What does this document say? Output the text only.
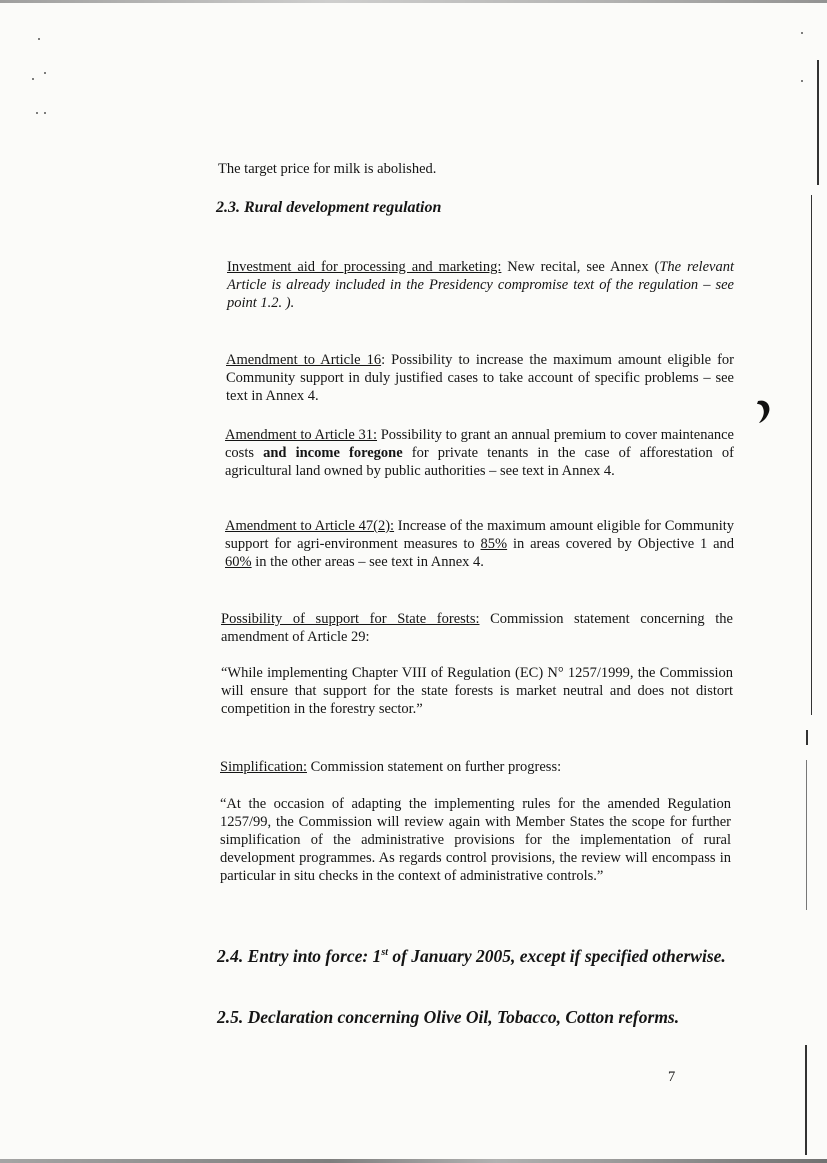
The target price for milk is abolished.

2.3. Rural development regulation

Investment aid for processing and marketing: New recital, see Annex (The relevant Article is already included in the Presidency compromise text of the regulation – see point 1.2. ).

Amendment to Article 16: Possibility to increase the maximum amount eligible for Community support in duly justified cases to take account of specific problems – see text in Annex 4.

Amendment to Article 31: Possibility to grant an annual premium to cover maintenance costs and income foregone for private tenants in the case of afforestation of agricultural land owned by public authorities – see text in Annex 4.

Amendment to Article 47(2): Increase of the maximum amount eligible for Community support for agri-environment measures to 85% in areas covered by Objective 1 and 60% in the other areas – see text in Annex 4.

Possibility of support for State forests: Commission statement concerning the amendment of Article 29:

“While implementing Chapter VIII of Regulation (EC) N° 1257/1999, the Commission will ensure that support for the state forests is market neutral and does not distort competition in the forestry sector.”

Simplification: Commission statement on further progress:

“At the occasion of adapting the implementing rules for the amended Regulation 1257/99, the Commission will review again with Member States the scope for further simplification of the administrative provisions for the implementation of rural development programmes. As regards control provisions, the review will encompass in particular in situ checks in the context of administrative controls.”

2.4. Entry into force: 1st of January 2005, except if specified otherwise.

2.5. Declaration concerning Olive Oil, Tobacco, Cotton reforms.

7
